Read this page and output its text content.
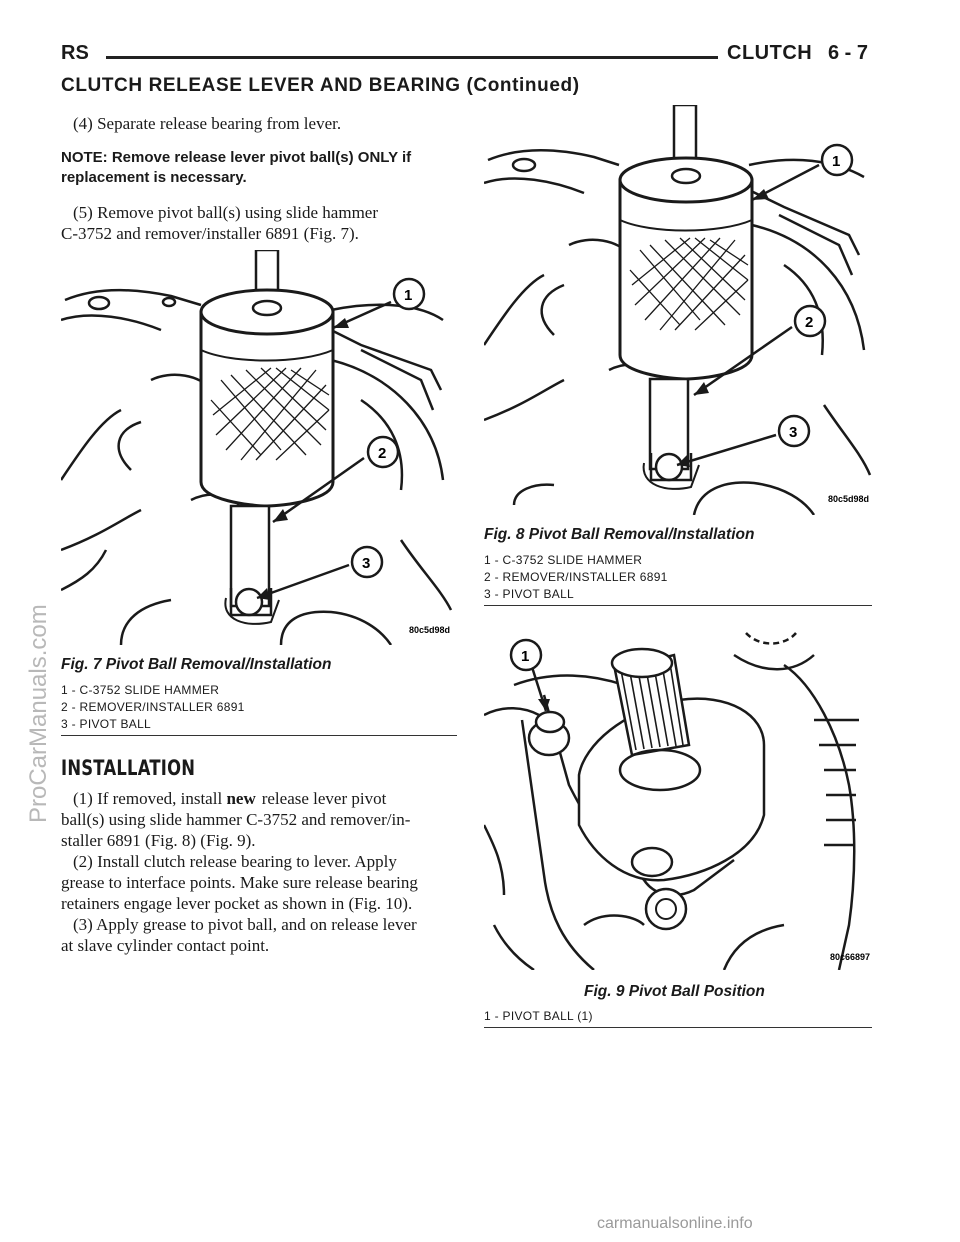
RS	CLUTCH 6 - 7
CLUTCH RELEASE LEVER AND BEARING (Continued)
(4) Separate release bearing from lever.
NOTE: Remove release lever pivot ball(s) ONLY if
replacement is necessary.
(5) Remove pivot ball(s) using slide hammer
C-3752 and remover/installer 6891 (Fig. 7).
1
2
3
80c5d98d
Fig. 7 Pivot Ball Removal/Installation
1 - C-3752 SLIDE HAMMER
2 - REMOVER/INSTALLER 6891
3 - PIVOT BALL
INSTALLATION
(1) If removed, install new release lever pivot
ball(s) using slide hammer C-3752 and remover/in-
staller 6891 (Fig. 8) (Fig. 9).
(2) Install clutch release bearing to lever. Apply
grease to interface points. Make sure release bearing
retainers engage lever pocket as shown in (Fig. 10).
(3) Apply grease to pivot ball, and on release lever
at slave cylinder contact point.
1
2
3
80c5d98d
Fig. 8 Pivot Ball Removal/Installation
1 - C-3752 SLIDE HAMMER
2 - REMOVER/INSTALLER 6891
3 - PIVOT BALL
1
80c66897
Fig. 9 Pivot Ball Position
1 - PIVOT BALL (1)
ProCarManuals.com
carmanualsonline.info
